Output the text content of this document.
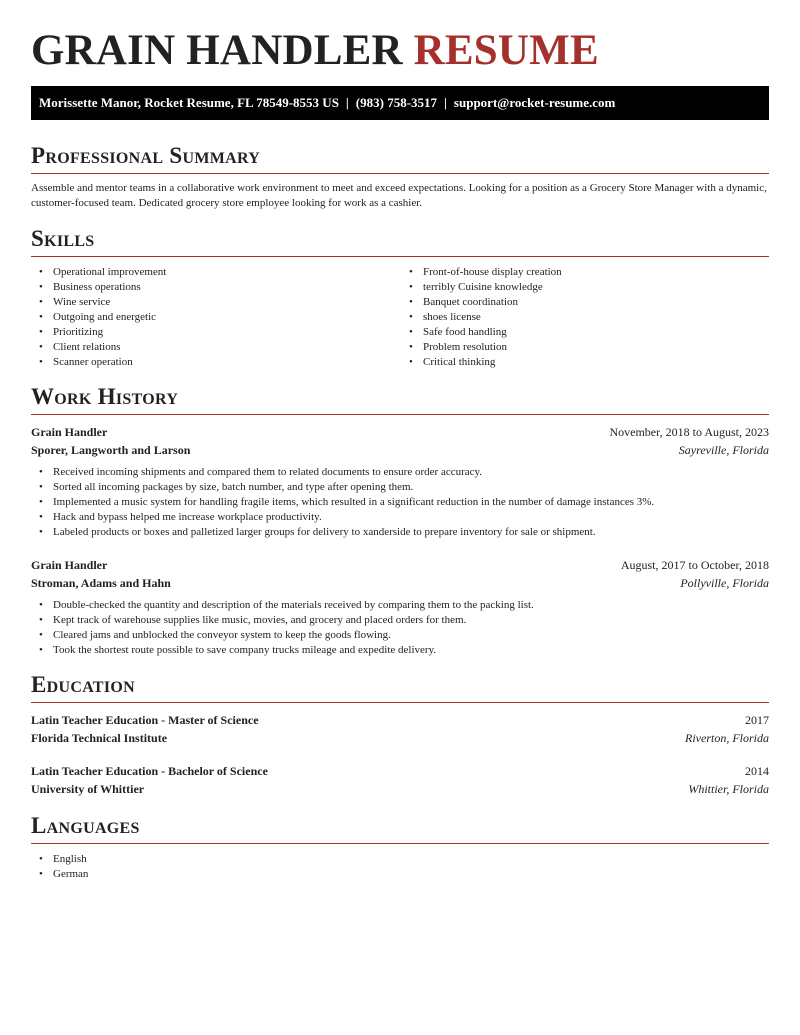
GRAIN HANDLER RESUME
Morissette Manor, Rocket Resume, FL 78549-8553 US | (983) 758-3517 | support@rocket-resume.com
Professional Summary

Assemble and mentor teams in a collaborative work environment to meet and exceed expectations. Looking for a position as a Grocery Store Manager with a dynamic, customer-focused team. Dedicated grocery store employee looking for work as a cashier.

Skills
• Operational improvement
• Business operations
• Wine service
• Outgoing and energetic
• Prioritizing
• Client relations
• Scanner operation
• Front-of-house display creation
• terribly Cuisine knowledge
• Banquet coordination
• shoes license
• Safe food handling
• Problem resolution
• Critical thinking
Work History
Grain Handler	November, 2018 to August, 2023
Sporer, Langworth and Larson	Sayreville, Florida
• Received incoming shipments and compared them to related documents to ensure order accuracy.
• Sorted all incoming packages by size, batch number, and type after opening them.
• Implemented a music system for handling fragile items, which resulted in a significant reduction in the number of damage instances 3%.
• Hack and bypass helped me increase workplace productivity.
• Labeled products or boxes and palletized larger groups for delivery to xanderside to prepare inventory for sale or shipment.
Grain Handler	August, 2017 to October, 2018
Stroman, Adams and Hahn	Pollyville, Florida
• Double-checked the quantity and description of the materials received by comparing them to the packing list.
• Kept track of warehouse supplies like music, movies, and grocery and placed orders for them.
• Cleared jams and unblocked the conveyor system to keep the goods flowing.
• Took the shortest route possible to save company trucks mileage and expedite delivery.
Education
Latin Teacher Education - Master of Science	2017
Florida Technical Institute	Riverton, Florida
Latin Teacher Education - Bachelor of Science	2014
University of Whittier	Whittier, Florida
Languages
• English
• German
